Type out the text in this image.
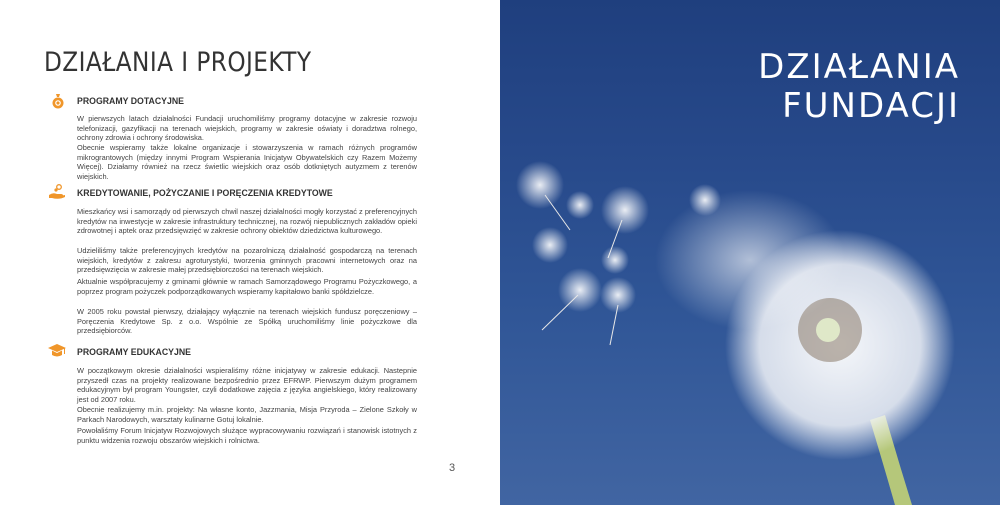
DZIAŁANIA I PROJEKTY
PROGRAMY DOTACYJNE

W pierwszych latach działalności Fundacji uruchomiliśmy programy dotacyjne w zakresie rozwoju telefonizacji, gazyfikacji na terenach wiejskich, programy w zakresie oświaty i doradztwa rolnego, ochrony zdrowia i ochrony środowiska.

Obecnie wspieramy także lokalne organizacje i stowarzyszenia w ramach różnych programów mikrograntowych (między innymi Program Wspierania Inicjatyw Obywatelskich czy Razem Możemy Więcej). Działamy również na rzecz świetlic wiejskich oraz osób dotkniętych autyzmem z terenów wiejskich.

KREDYTOWANIE, POŻYCZANIE I PORĘCZENIA KREDYTOWE

Mieszkańcy wsi i samorządy od pierwszych chwil naszej działalności mogły korzystać z preferencyjnych kredytów na inwestycje w zakresie infrastruktury technicznej, na rozwój niepublicznych zakładów opieki zdrowotnej i aptek oraz przedsięwzięć w zakresie ochrony obiektów dziedzictwa kulturowego.

Udzieliliśmy także preferencyjnych kredytów na pozarolniczą działalność gospodarczą na terenach wiejskich, kredytów z zakresu agroturystyki, tworzenia gminnych pracowni internetowych oraz na przedsięwzięcia w zakresie małej przedsiębiorczości na terenach wiejskich.

Aktualnie współpracujemy z gminami głównie w ramach Samorządowego Programu Pożyczkowego, a poprzez program pożyczek podporządkowanych wspieramy kapitałowo banki spółdzielcze.

W 2005 roku powstał pierwszy, działający wyłącznie na terenach wiejskich fundusz poręczeniowy – Poręczenia Kredytowe Sp. z o.o. Wspólnie ze Spółką uruchomiliśmy linie pożyczkowe dla przedsiębiorców.

PROGRAMY EDUKACYJNE

W początkowym okresie działalności wspieraliśmy różne inicjatywy w zakresie edukacji. Nastepnie przyszedł czas na projekty realizowane bezpośrednio przez EFRWP. Pierwszym dużym programem edukacyjnym był program Youngster, czyli dodatkowe zajęcia z języka angielskiego, który realizowany jest od 2007 roku.

Obecnie realizujemy m.in. projekty: Na własne konto, Jazzmania, Misja Przyroda – Zielone Szkoły w Parkach Narodowych, warsztaty kulinarne Gotuj lokalnie.

Powołaliśmy Forum Inicjatyw Rozwojowych służące wypracowywaniu rozwiązań i stanowisk istotnych z punktu widzenia rozwoju obszarów wiejskich i rolnictwa.

3
DZIAŁANIA
FUNDACJI
